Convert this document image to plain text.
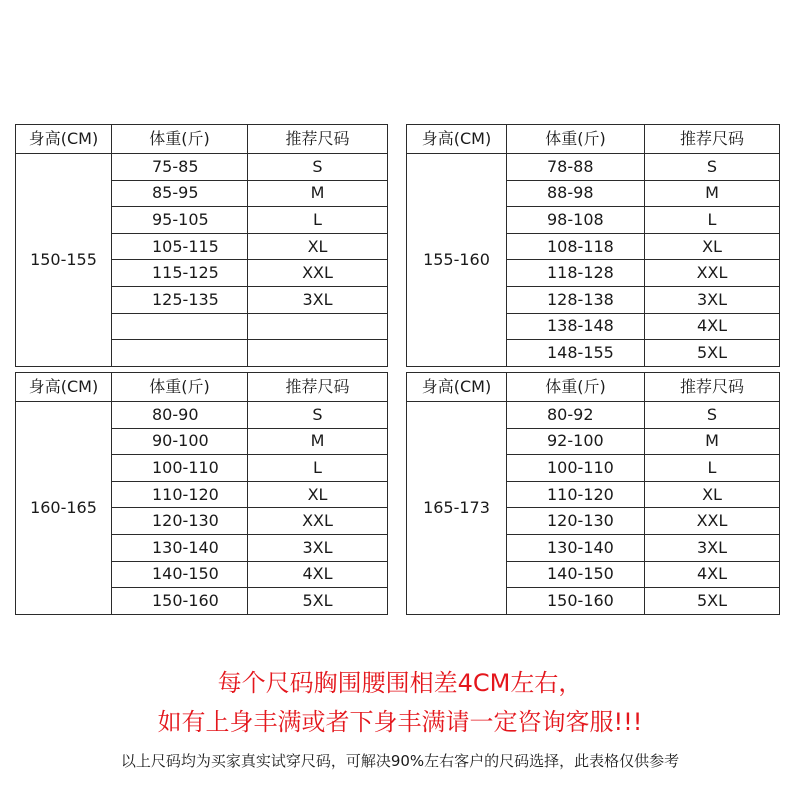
身高(CM)	体重(斤)	推荐尺码
150-155	75-85	S
	85-95	M
	95-105	L
	105-115	XL
	115-125	XXL
	125-135	3XL

身高(CM)	体重(斤)	推荐尺码
155-160	78-88	S
	88-98	M
	98-108	L
	108-118	XL
	118-128	XXL
	128-138	3XL
	138-148	4XL
	148-155	5XL
身高(CM)	体重(斤)	推荐尺码
160-165	80-90	S
	90-100	M
	100-110	L
	110-120	XL
	120-130	XXL
	130-140	3XL
	140-150	4XL
	150-160	5XL
身高(CM)	体重(斤)	推荐尺码
165-173	80-92	S
	92-100	M
	100-110	L
	110-120	XL
	120-130	XXL
	130-140	3XL
	140-150	4XL
	150-160	5XL
每个尺码胸围腰围相差4CM左右，
如有上身丰满或者下身丰满请一定咨询客服!!!
以上尺码均为买家真实试穿尺码，可解决90%左右客户的尺码选择，此表格仅供参考
